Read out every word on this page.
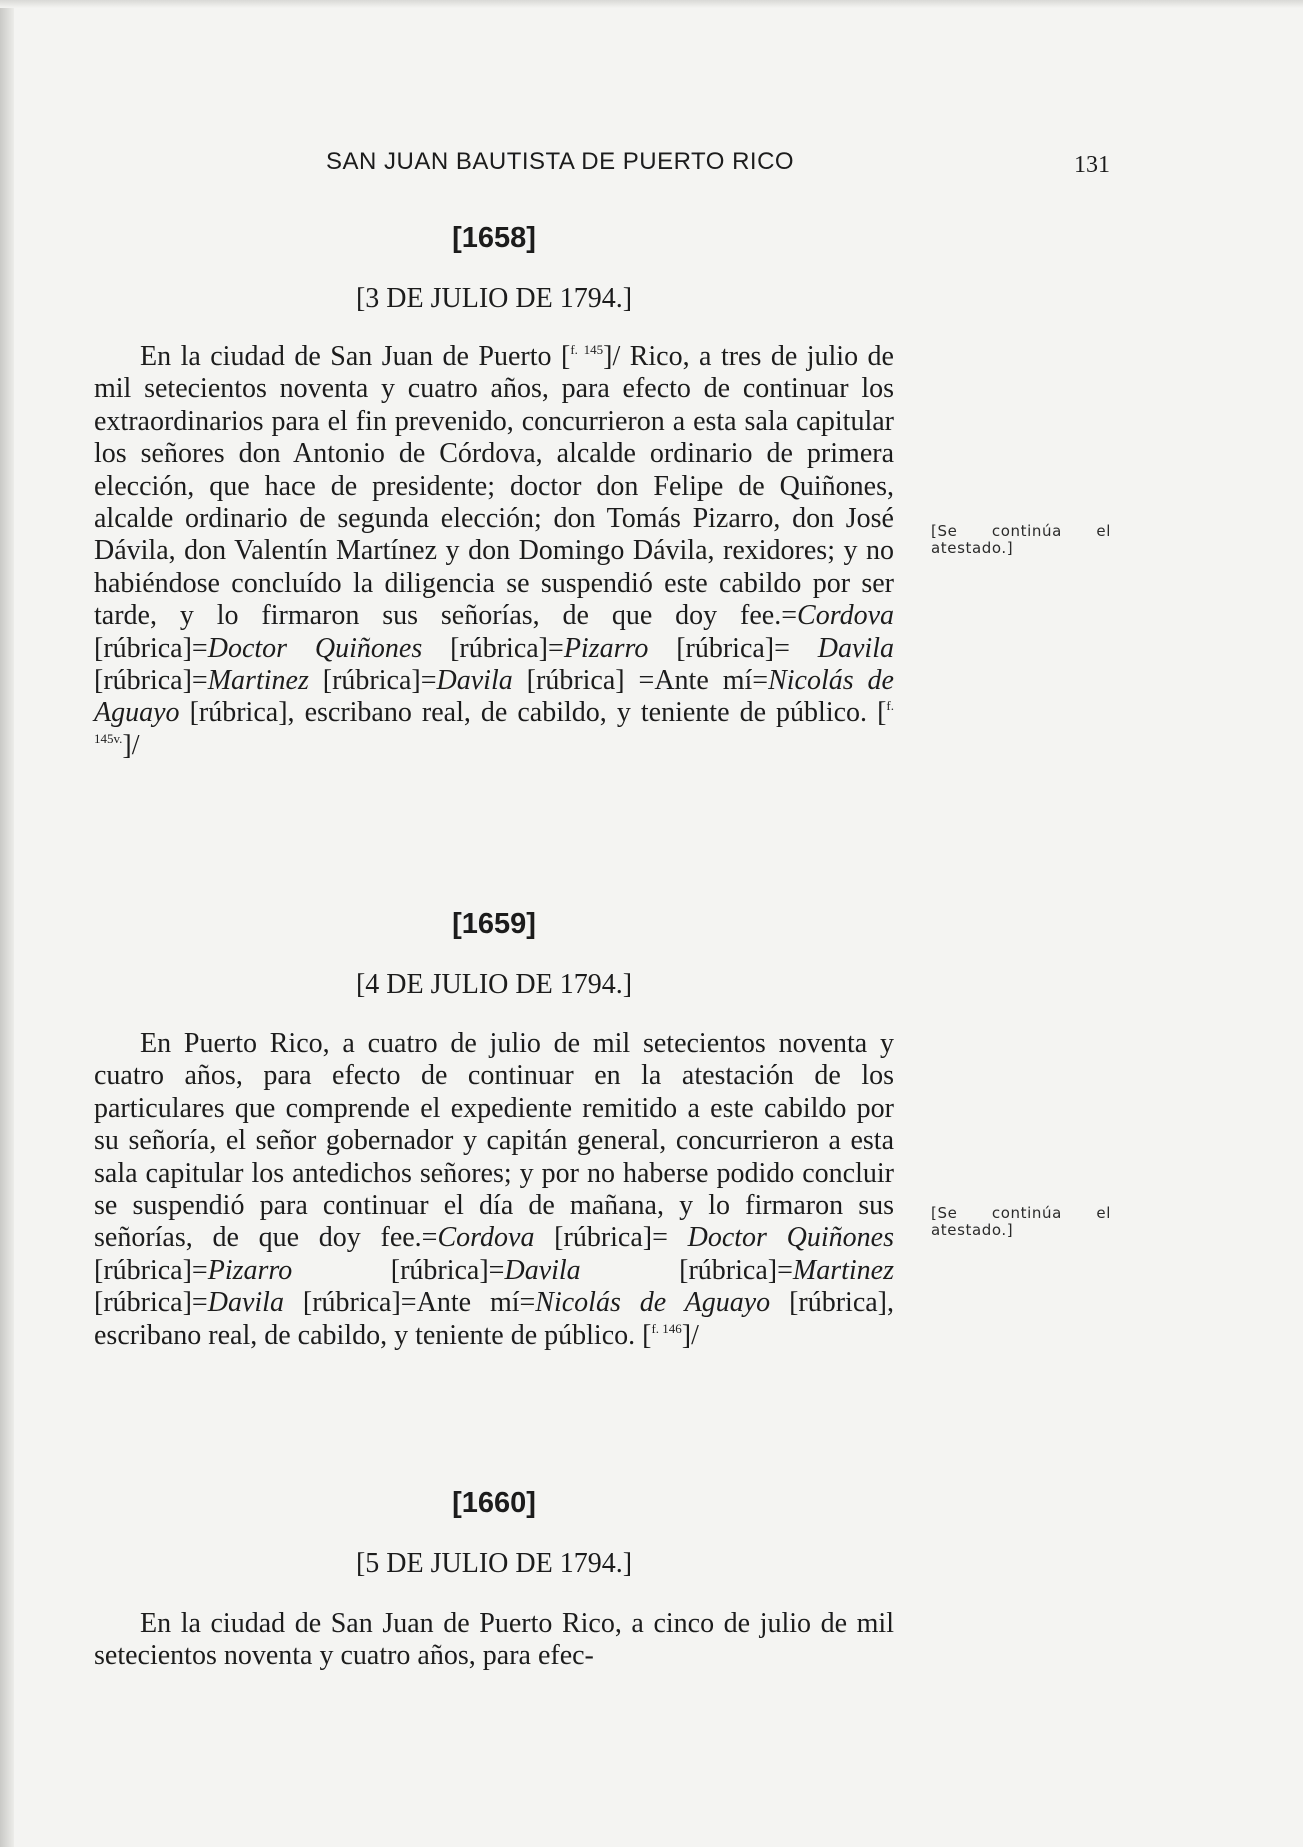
SAN JUAN BAUTISTA DE PUERTO RICO	131
[1658]
[3 DE JULIO DE 1794.]

En la ciudad de San Juan de Puerto [$^{f. 145}$]/ Rico, a tres de julio de mil setecientos noventa y cuatro años, para efecto de continuar los extraordinarios para el fin prevenido, concurrieron a esta sala capitular los señores don Antonio de Córdova, alcalde ordinario de primera elección, que hace de presidente; doctor don Felipe de Quiñones, alcalde ordinario de segunda elección; don Tomás Pizarro, don José Dávila, don Valentín Martínez y don Domingo Dávila, rexidores; y no habiéndose concluído la diligencia se suspendió este cabildo por ser tarde, y lo firmaron sus señorías, de que doy fee.=Cordova [rúbrica]=Doctor Quiñones [rúbrica]=Pizarro [rúbrica]= Davila [rúbrica]=Martinez [rúbrica]=Davila [rúbrica] =Ante mí=Nicolás de Aguayo [rúbrica], escribano real, de cabildo, y teniente de público. [$^{f. 145v.}$]/

[Se continúa el atestado.]
[1659]
[4 DE JULIO DE 1794.]

En Puerto Rico, a cuatro de julio de mil setecientos noventa y cuatro años, para efecto de continuar en la atestación de los particulares que comprende el expediente remitido a este cabildo por su señoría, el señor gobernador y capitán general, concurrieron a esta sala capitular los antedichos señores; y por no haberse podido concluir se suspendió para continuar el día de mañana, y lo firmaron sus señorías, de que doy fee.=Cordova [rúbrica]= Doctor Quiñones [rúbrica]=Pizarro [rúbrica]=Davila [rúbrica]=Martinez [rúbrica]=Davila [rúbrica]=Ante mí=Nicolás de Aguayo [rúbrica], escribano real, de cabildo, y teniente de público. [$^{f. 146}$]/

[Se continúa el atestado.]
[1660]
[5 DE JULIO DE 1794.]

En la ciudad de San Juan de Puerto Rico, a cinco de julio de mil setecientos noventa y cuatro años, para efec-
